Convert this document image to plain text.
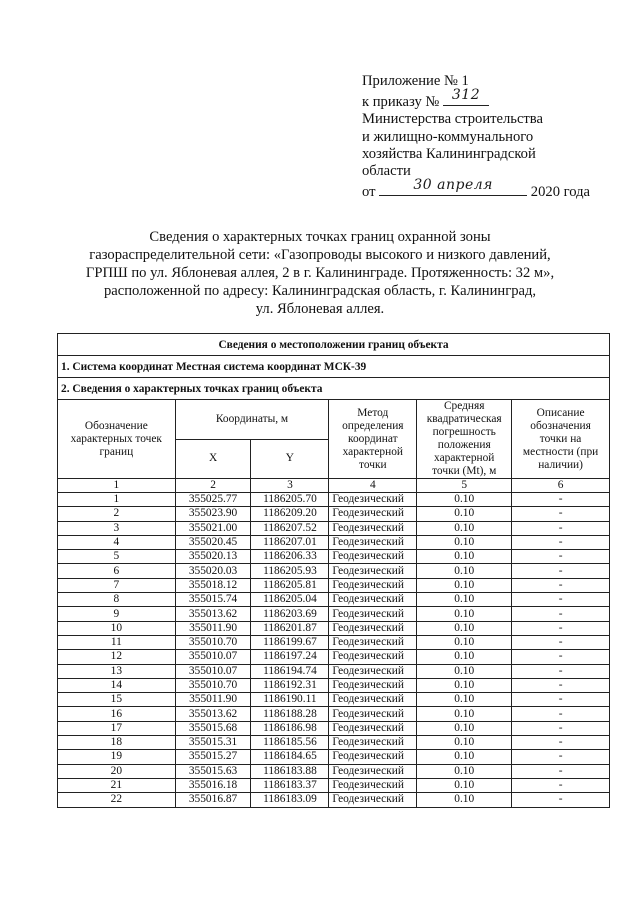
Приложение № 1
к приказу № 312
Министерства строительства
и жилищно-коммунального
хозяйства Калининградской
области
от	30 апреля	2020 года
Сведения о характерных точках границ охранной зоны
газораспределительной сети: «Газопроводы высокого и низкого давлений,
ГРПШ по ул. Яблоневая аллея, 2 в г. Калининграде. Протяженность: 32 м»,
расположенной по адресу: Калининградская область, г. Калининград,
ул. Яблоневая аллея.
Сведения о местоположении границ объекта					
1. Система координат Местная система координат МСК-39					
2. Сведения о характерных точках границ объекта					
Обозначение характерных точек границ	Координаты, м		Метод определения координат характерной точки	Средняя квадратическая погрешность положения характерной точки (Mt), м	Описание обозначения точки на местности (при наличии)
	X	Y			
1	2	3	4	5	6
1	355025.77	1186205.70	Геодезический	0.10	-
2	355023.90	1186209.20	Геодезический	0.10	-
3	355021.00	1186207.52	Геодезический	0.10	-
4	355020.45	1186207.01	Геодезический	0.10	-
5	355020.13	1186206.33	Геодезический	0.10	-
6	355020.03	1186205.93	Геодезический	0.10	-
7	355018.12	1186205.81	Геодезический	0.10	-
8	355015.74	1186205.04	Геодезический	0.10	-
9	355013.62	1186203.69	Геодезический	0.10	-
10	355011.90	1186201.87	Геодезический	0.10	-
11	355010.70	1186199.67	Геодезический	0.10	-
12	355010.07	1186197.24	Геодезический	0.10	-
13	355010.07	1186194.74	Геодезический	0.10	-
14	355010.70	1186192.31	Геодезический	0.10	-
15	355011.90	1186190.11	Геодезический	0.10	-
16	355013.62	1186188.28	Геодезический	0.10	-
17	355015.68	1186186.98	Геодезический	0.10	-
18	355015.31	1186185.56	Геодезический	0.10	-
19	355015.27	1186184.65	Геодезический	0.10	-
20	355015.63	1186183.88	Геодезический	0.10	-
21	355016.18	1186183.37	Геодезический	0.10	-
22	355016.87	1186183.09	Геодезический	0.10	-
